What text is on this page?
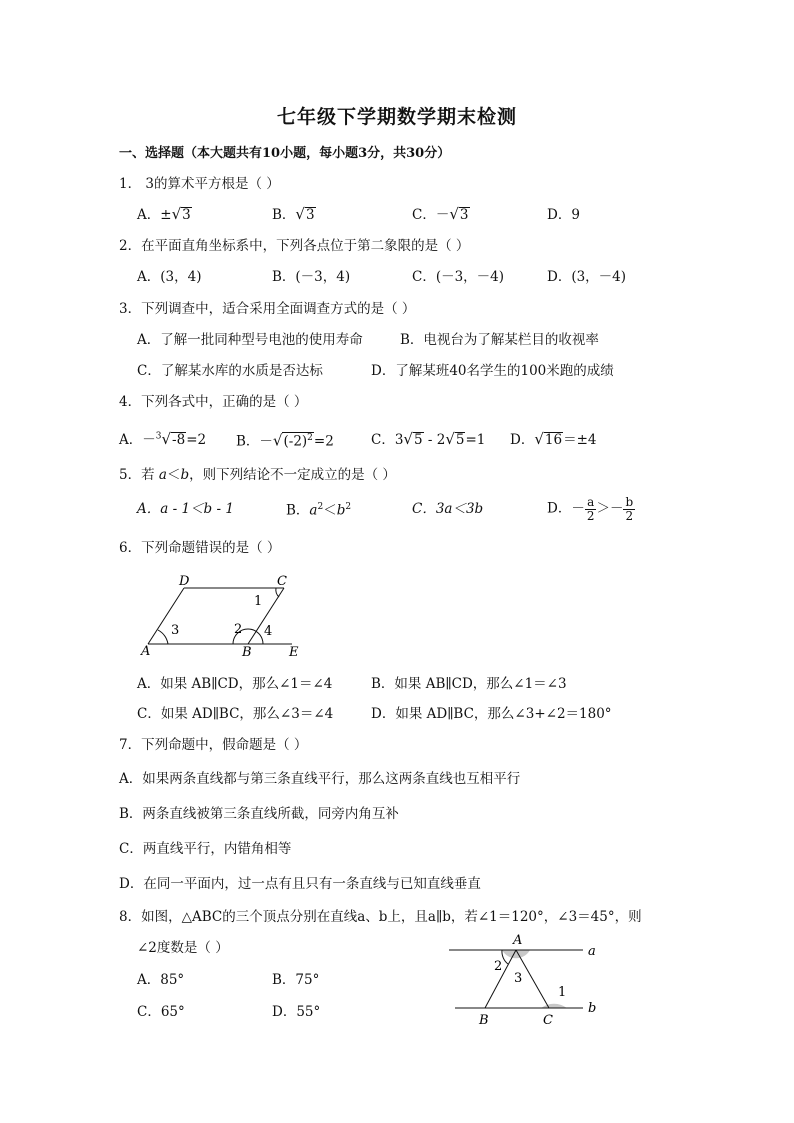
七年级下学期数学期末检测
一、选择题（本大题共有10小题，每小题3分，共30分）
1． 3的算术平方根是（ ）
A．±√3	B．√3	C．－√3	D．9
2．在平面直角坐标系中，下列各点位于第二象限的是（ ）
A．(3，4)	B．(－3，4)	C．(－3，－4)	D．(3，－4)
3．下列调查中，适合采用全面调查方式的是（ ）
A．了解一批同种型号电池的使用寿命	B．电视台为了解某栏目的收视率
C．了解某水库的水质是否达标	D．了解某班40名学生的100米跑的成绩
4．下列各式中，正确的是（ ）
A．－$^3$√-8=2 B．$-√(-2)^2=2$	C．3√5 - 2√5=1 D．√16＝±4
5．若 a＜b，则下列结论不一定成立的是（ ）
A．a - 1＜b - 1	B．$a^2<b^2$	C．3a＜3b	D．－ $\frac{a}{2} >- \frac{b}{2}$
6．下列命题错误的是（ ）
D	C
A	B	E
1
2
3	4
A．如果 AB∥CD，那么∠1＝∠4	B．如果 AB∥CD，那么∠1＝∠3
C．如果 AD∥BC，那么∠3＝∠4	D．如果 AD∥BC，那么∠3+∠2＝180°
7．下列命题中，假命题是（ ）
A．如果两条直线都与第三条直线平行，那么这两条直线也互相平行
B．两条直线被第三条直线所截，同旁内角互补
C．两直线平行，内错角相等
D．在同一平面内，过一点有且只有一条直线与已知直线垂直
8．如图，△ABC的三个顶点分别在直线a、b上，且a∥b，若∠1＝120°，∠3＝45°，则
∠2度数是（ ）
A．85°	B．75°
C．65°	D．55°
A
B	C
a
b
1
2
3
